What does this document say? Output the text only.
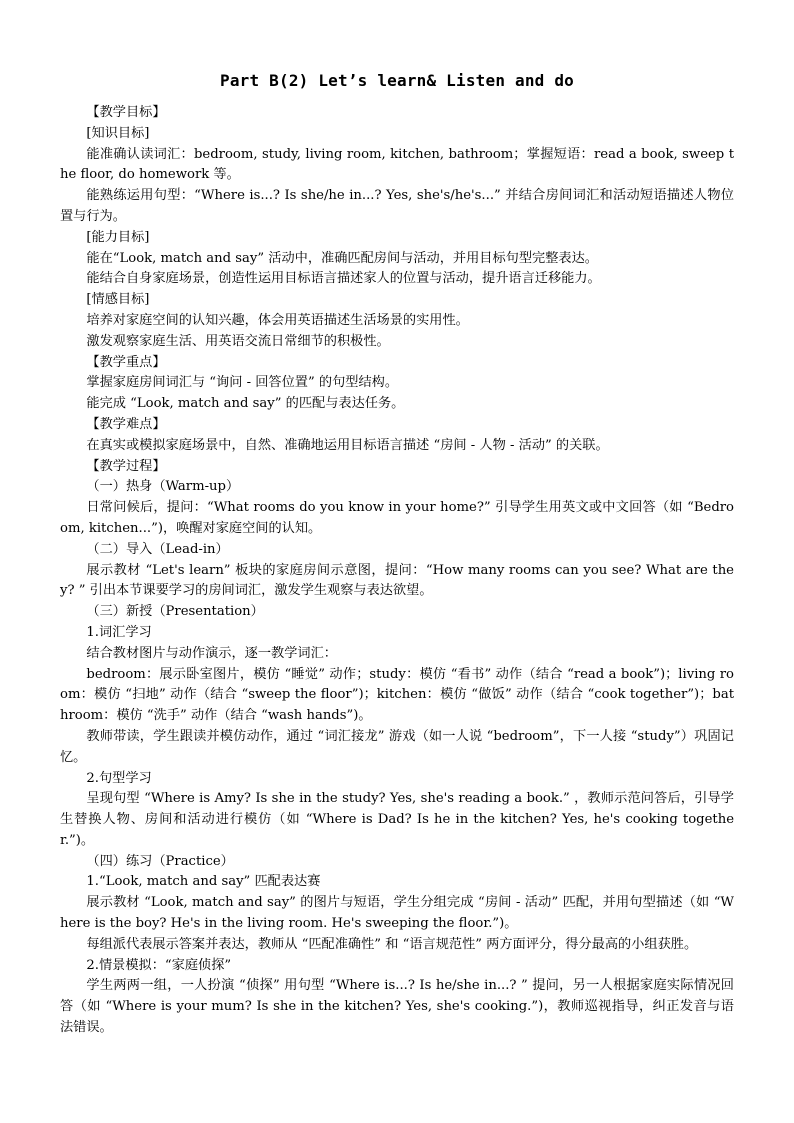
Part B(2) Let’s learn& Listen and do

【教学目标】

[知识目标]

能准确认读词汇：bedroom, study, living room, kitchen, bathroom；掌握短语：read a book, sweep the floor, do homework 等。

能熟练运用句型：“Where is...? Is she/he in...? Yes, she's/he's...” 并结合房间词汇和活动短语描述人物位置与行为。

[能力目标]

能在“Look, match and say” 活动中，准确匹配房间与活动，并用目标句型完整表达。

能结合自身家庭场景，创造性运用目标语言描述家人的位置与活动，提升语言迁移能力。

[情感目标]

培养对家庭空间的认知兴趣，体会用英语描述生活场景的实用性。

激发观察家庭生活、用英语交流日常细节的积极性。

【教学重点】

掌握家庭房间词汇与 “询问 - 回答位置” 的句型结构。

能完成 “Look, match and say” 的匹配与表达任务。

【教学难点】

在真实或模拟家庭场景中，自然、准确地运用目标语言描述 “房间 - 人物 - 活动” 的关联。

【教学过程】

（一）热身（Warm-up）

日常问候后，提问：“What rooms do you know in your home?” 引导学生用英文或中文回答（如 “Bedroom, kitchen...”)，唤醒对家庭空间的认知。

（二）导入（Lead-in）

展示教材 “Let's learn” 板块的家庭房间示意图，提问：“How many rooms can you see? What are they? ” 引出本节课要学习的房间词汇，激发学生观察与表达欲望。

（三）新授（Presentation）

1.词汇学习

结合教材图片与动作演示，逐一教学词汇：

bedroom：展示卧室图片，模仿 “睡觉” 动作；study：模仿 “看书” 动作（结合 “read a book”)；living room：模仿 “扫地” 动作（结合 “sweep the floor”)；kitchen：模仿 “做饭” 动作（结合 “cook together”)；bathroom：模仿 “洗手” 动作（结合 “wash hands”)。

教师带读，学生跟读并模仿动作，通过 “词汇接龙” 游戏（如一人说 “bedroom”，下一人接 “study”）巩固记忆。

2.句型学习

呈现句型 “Where is Amy? Is she in the study? Yes, she's reading a book.” ，教师示范问答后，引导学生替换人物、房间和活动进行模仿（如 “Where is Dad? Is he in the kitchen? Yes, he's cooking together.”)。

（四）练习（Practice）

1.“Look, match and say” 匹配表达赛

展示教材 “Look, match and say” 的图片与短语，学生分组完成 “房间 - 活动” 匹配，并用句型描述（如 “Where is the boy? He's in the living room. He's sweeping the floor.”)。

每组派代表展示答案并表达，教师从 “匹配准确性” 和 “语言规范性” 两方面评分，得分最高的小组获胜。

2.情景模拟：“家庭侦探”

学生两两一组，一人扮演 “侦探” 用句型 “Where is...? Is he/she in...? ” 提问，另一人根据家庭实际情况回答（如 “Where is your mum? Is she in the kitchen? Yes, she's cooking.”)，教师巡视指导，纠正发音与语法错误。
